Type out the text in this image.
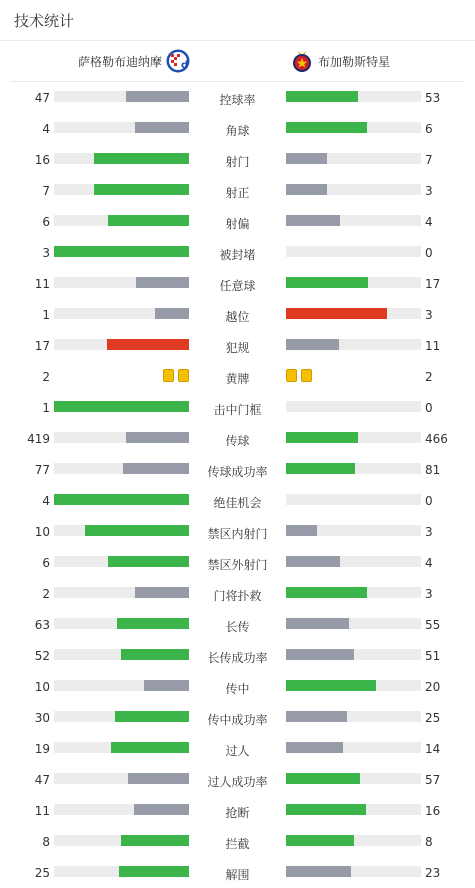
技术统计
萨格勒布迪纳摩 d	布加勒斯特星
47	控球率	53
4	角球	6
16	射门	7
7	射正	3
6	射偏	4
3	被封堵	0
11	任意球	17
1	越位	3
17	犯规	11
2	黄牌	2
1	击中门框	0
419	传球	466
77	传球成功率	81
4	绝佳机会	0
10	禁区内射门	3
6	禁区外射门	4
2	门将扑救	3
63	长传	55
52	长传成功率	51
10	传中	20
30	传中成功率	25
19	过人	14
47	过人成功率	57
11	抢断	16
8	拦截	8
25	解围	23
